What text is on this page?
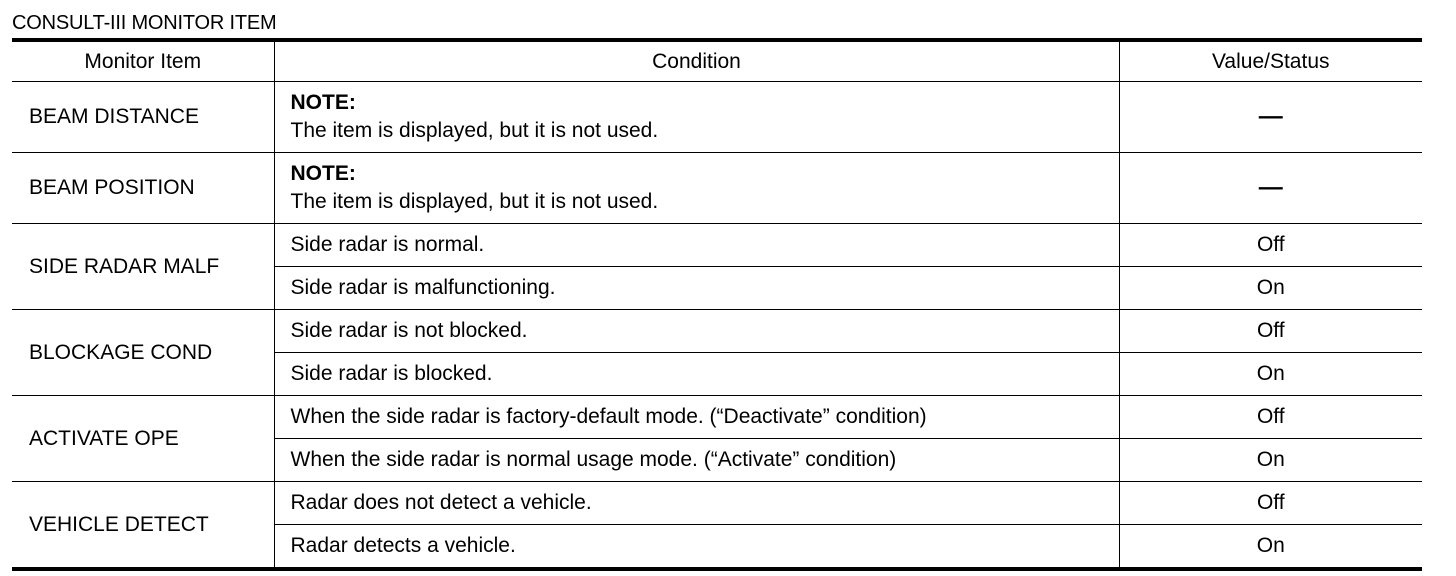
CONSULT-III MONITOR ITEM
Monitor Item	Condition	Value/Status
BEAM DISTANCE	NOTE:
The item is displayed, but it is not used.	—
BEAM POSITION	NOTE:
The item is displayed, but it is not used.	—
SIDE RADAR MALF	Side radar is normal.	Off
	Side radar is malfunctioning.	On
BLOCKAGE COND	Side radar is not blocked.	Off
	Side radar is blocked.	On
ACTIVATE OPE	When the side radar is factory-default mode. (“Deactivate” condition)	Off
	When the side radar is normal usage mode. (“Activate” condition)	On
VEHICLE DETECT	Radar does not detect a vehicle.	Off
	Radar detects a vehicle.	On
